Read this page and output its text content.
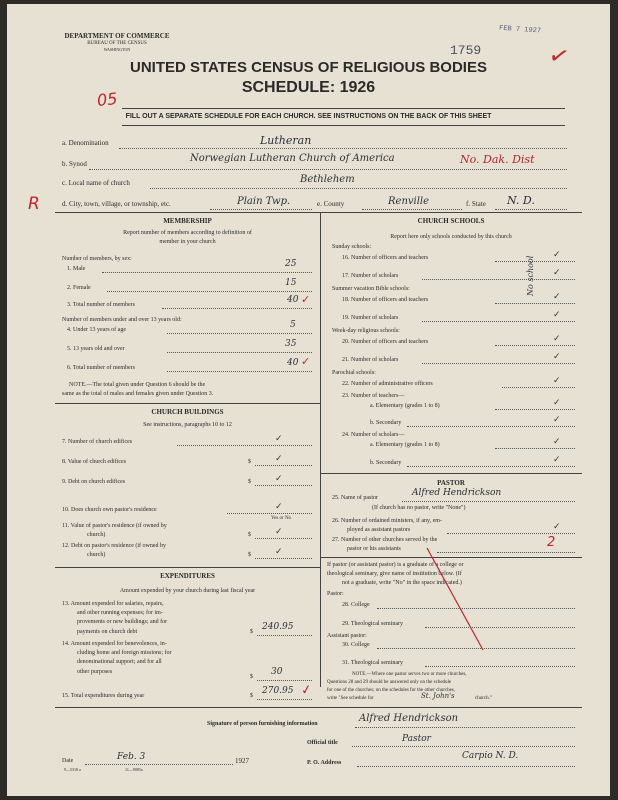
DEPARTMENT OF COMMERCE
BUREAU OF THE CENSUS
WASHINGTON	1759
FEB 7 1927
✓
UNITED STATES CENSUS OF RELIGIOUS BODIES
SCHEDULE: 1926
05
FILL OUT A SEPARATE SCHEDULE FOR EACH CHURCH. SEE INSTRUCTIONS ON THE BACK OF THIS SHEET
a. Denomination	Lutheran
b. Synod	Norwegian Lutheran Church of America	No. Dak. Dist
c. Local name of church	Bethlehem
R	d. City, town, village, or township, etc.	Plain Twp.	e. County	Renville	f. State N. D.
MEMBERSHIP
Report number of members according to definition of
member in your church
Number of members, by sex:
1. Male	25
2. Female	15
3. Total number of members	40 ✓
Number of members under and over 13 years old:
4. Under 13 years of age	5
5. 13 years old and over	35
6. Total number of members	40 ✓
NOTE.—The total given under Question 6 should be the
same as the total of males and females given under Question 3.
CHURCH BUILDINGS
See instructions, paragraphs 10 to 12
7. Number of church edifices	✓
8. Value of church edifices	$	✓
9. Debt on church edifices	$	✓
10. Does church own pastor's residence	✓
Yes or No
11. Value of pastor's residence (if owned by
church)	$	✓
12. Debt on pastor's residence (if owned by
church)	$	✓
EXPENDITURES
Amount expended by your church during last fiscal year
13. Amount expended for salaries, repairs,
and other running expenses; for im-
provements or new buildings; and for
payments on church debt	$ 240.95
14. Amount expended for benevolences, in-
cluding home and foreign missions; for
denominational support; and for all
other purposes
$ 30
15. Total expenditures during year	$ 270.95 ✓
CHURCH SCHOOLS
Report here only schools conducted by this church
Sunday schools:
16. Number of officers and teachers	✓
17. Number of scholars	✓
Summer vacation Bible schools:
18. Number of officers and teachers	✓
19. Number of scholars	✓
Week-day religious schools:
20. Number of officers and teachers	✓
21. Number of scholars	✓
Parochial schools:
22. Number of administrative officers	✓
23. Number of teachers—
a. Elementary (grades 1 to 8)	✓
b. Secondary	✓
24. Number of scholars—
a. Elementary (grades 1 to 8)	✓
b. Secondary	✓
No school
PASTOR
25. Name of pastor	Alfred Hendrickson
(If church has no pastor, write "None")
26. Number of ordained ministers, if any, em-
ployed as assistant pastors	✓
27. Number of other churches served by the
pastor or his assistants	2
If pastor (or assistant pastor) is a graduate of a college or
theological seminary, give name of institution below. (If
not a graduate, write "No" in the space indicated.)
Pastor:
28. College
29. Theological seminary
Assistant pastor:
30. College
31. Theological seminary
NOTE.—Where one pastor serves two or more churches,
Questions 28 and 29 should be answered only on the schedule
for one of the churches; on the schedules for the other churches,
write "See schedule for	St. John's	church."
Signature of person furnishing information	Alfred Hendrickson
Official title	Pastor
Date	Feb. 3	1927	P. O. Address
Carpio N. D.
9—5318 a	11—9085a
